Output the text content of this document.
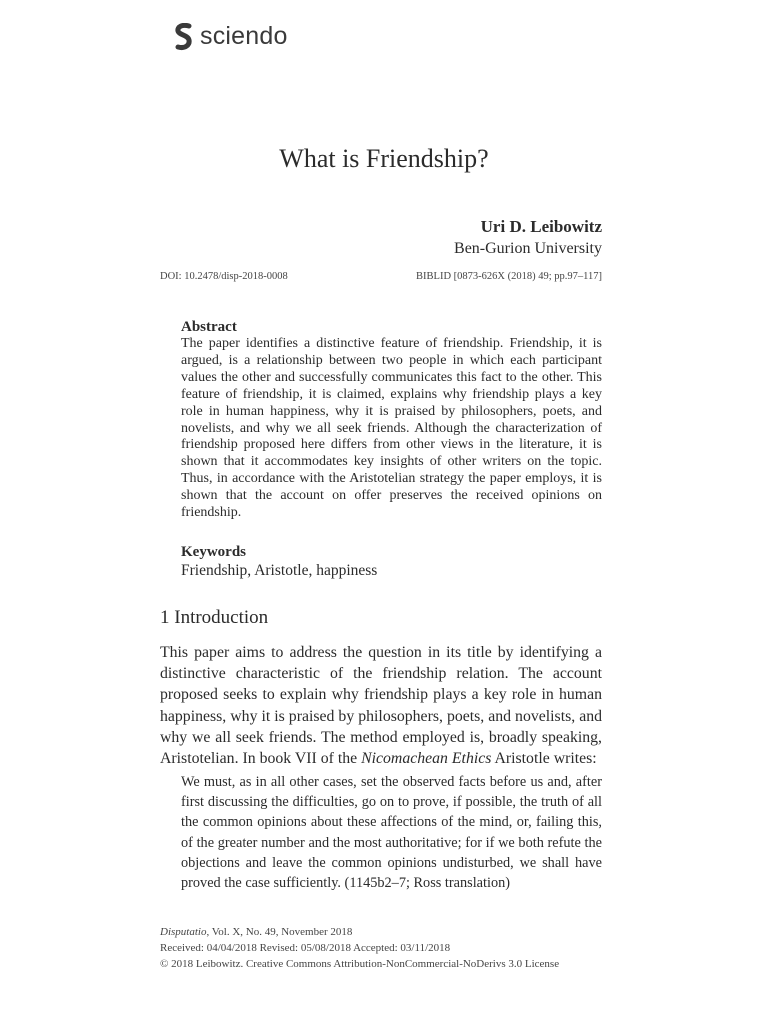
sciendo
What is Friendship?
Uri D. Leibowitz
Ben-Gurion University
DOI: 10.2478/disp-2018-0008	BIBLID [0873-626X (2018) 49; pp.97–117]
Abstract

The paper identifies a distinctive feature of friendship. Friendship, it is argued, is a relationship between two people in which each participant values the other and successfully communicates this fact to the other. This feature of friendship, it is claimed, explains why friendship plays a key role in human happiness, why it is praised by philosophers, poets, and novelists, and why we all seek friends. Although the characterization of friendship proposed here differs from other views in the literature, it is shown that it accommodates key insights of other writers on the topic. Thus, in accordance with the Aristotelian strategy the paper employs, it is shown that the account on offer preserves the received opinions on friendship.

Keywords
Friendship, Aristotle, happiness
1 Introduction

This paper aims to address the question in its title by identifying a distinctive characteristic of the friendship relation. The account proposed seeks to explain why friendship plays a key role in human happiness, why it is praised by philosophers, poets, and novelists, and why we all seek friends. The method employed is, broadly speaking, Aristotelian. In book VII of the Nicomachean Ethics Aristotle writes:

We must, as in all other cases, set the observed facts before us and, after first discussing the difficulties, go on to prove, if possible, the truth of all the common opinions about these affections of the mind, or, failing this, of the greater number and the most authoritative; for if we both refute the objections and leave the common opinions undisturbed, we shall have proved the case sufficiently. (1145b2–7; Ross translation)

Disputatio, Vol. X, No. 49, November 2018
Received: 04/04/2018 Revised: 05/08/2018 Accepted: 03/11/2018
© 2018 Leibowitz. Creative Commons Attribution-NonCommercial-NoDerivs 3.0 License
